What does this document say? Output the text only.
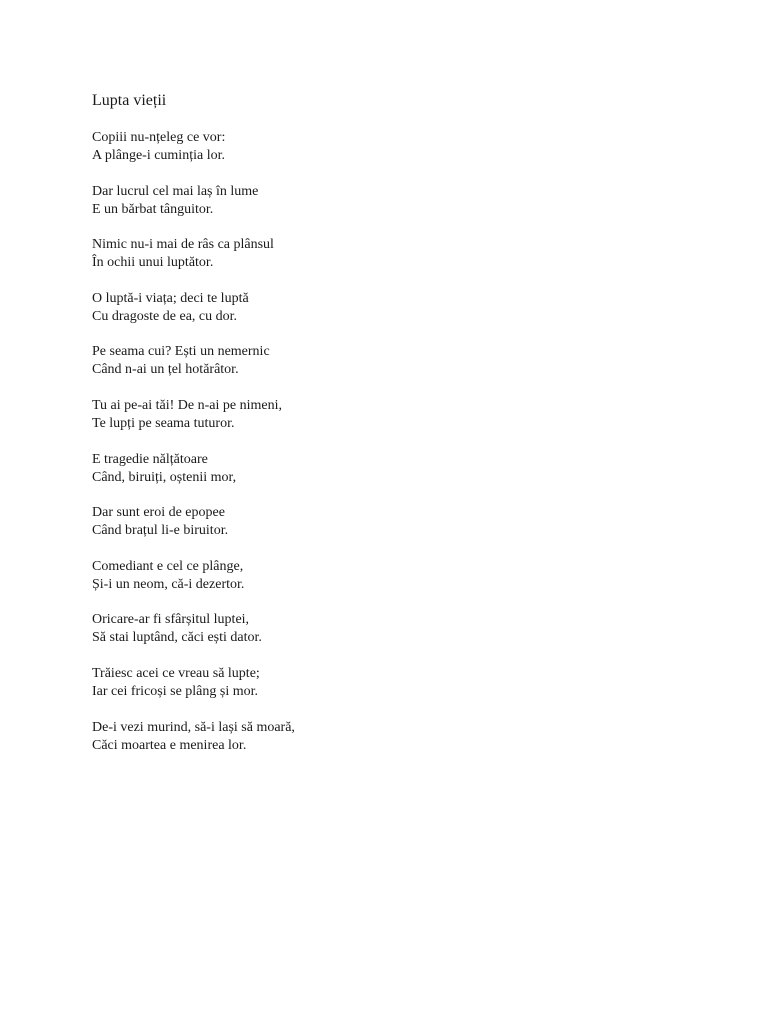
Lupta vieții
Copiii nu-nțeleg ce vor:
A plânge-i cuminția lor.
Dar lucrul cel mai laș în lume
E un bărbat tânguitor.
Nimic nu-i mai de râs ca plânsul
În ochii unui luptător.
O luptă-i viața; deci te luptă
Cu dragoste de ea, cu dor.
Pe seama cui? Ești un nemernic
Când n-ai un țel hotărâtor.
Tu ai pe-ai tăi! De n-ai pe nimeni,
Te lupți pe seama tuturor.
E tragedie nălțătoare
Când, biruiți, oștenii mor,
Dar sunt eroi de epopee
Când brațul li-e biruitor.
Comediant e cel ce plânge,
Și-i un neom, că-i dezertor.
Oricare-ar fi sfârșitul luptei,
Să stai luptând, căci ești dator.
Trăiesc acei ce vreau să lupte;
Iar cei fricoși se plâng și mor.
De-i vezi murind, să-i lași să moară,
Căci moartea e menirea lor.
